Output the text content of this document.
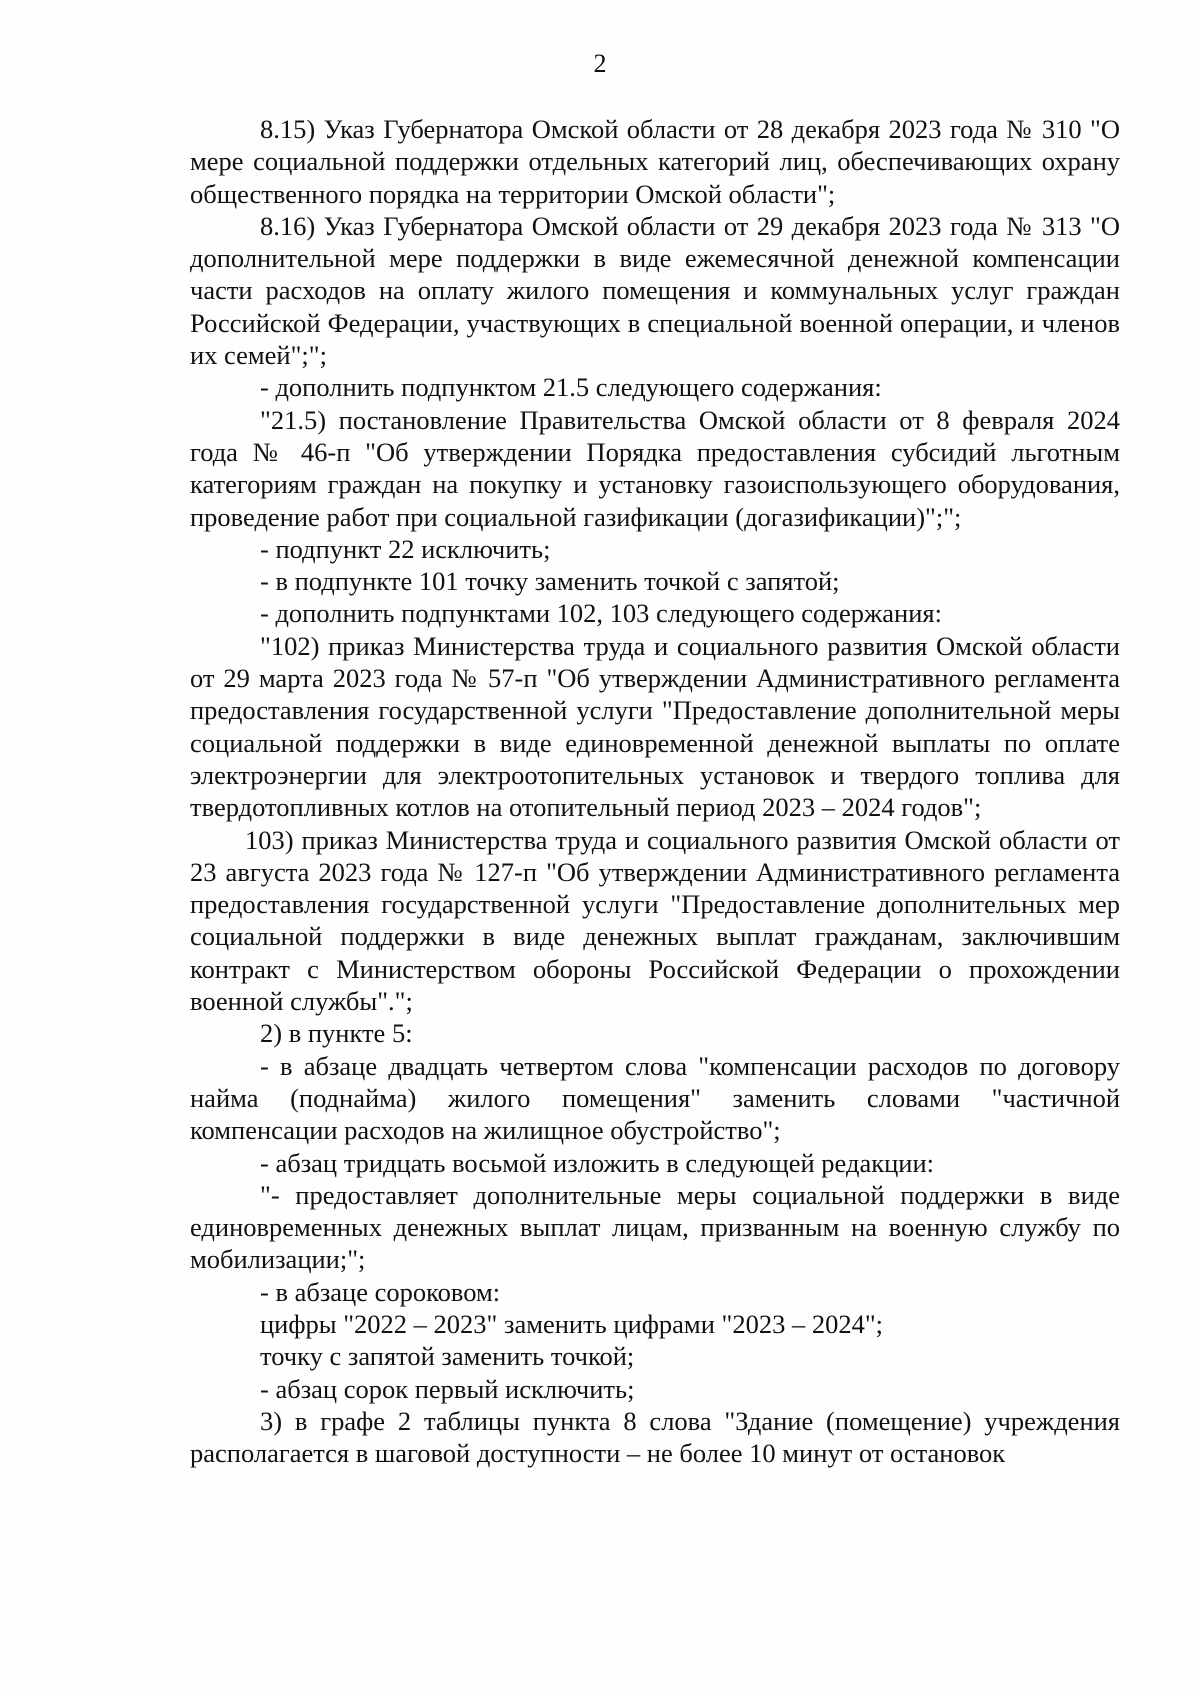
2

8.15) Указ Губернатора Омской области от 28 декабря 2023 года № 310 "О мере социальной поддержки отдельных категорий лиц, обеспечивающих охрану общественного порядка на территории Омской области";

8.16) Указ Губернатора Омской области от 29 декабря 2023 года № 313 "О дополнительной мере поддержки в виде ежемесячной денежной компенсации части расходов на оплату жилого помещения и коммунальных услуг граждан Российской Федерации, участвующих в специальной военной операции, и членов их семей";";

- дополнить подпунктом 21.5 следующего содержания:

"21.5) постановление Правительства Омской области от 8 февраля 2024 года № 46-п "Об утверждении Порядка предоставления субсидий льготным категориям граждан на покупку и установку газоиспользующего оборудования, проведение работ при социальной газификации (догазификации)";";

- подпункт 22 исключить;

- в подпункте 101 точку заменить точкой с запятой;

- дополнить подпунктами 102, 103 следующего содержания:

"102) приказ Министерства труда и социального развития Омской области от 29 марта 2023 года № 57-п "Об утверждении Административного регламента предоставления государственной услуги "Предоставление дополнительной меры социальной поддержки в виде единовременной денежной выплаты по оплате электроэнергии для электроотопительных установок и твердого топлива для твердотопливных котлов на отопительный период 2023 – 2024 годов";

103) приказ Министерства труда и социального развития Омской области от 23 августа 2023 года № 127-п "Об утверждении Административного регламента предоставления государственной услуги "Предоставление дополнительных мер социальной поддержки в виде денежных выплат гражданам, заключившим контракт с Министерством обороны Российской Федерации о прохождении военной службы".";

2) в пункте 5:

- в абзаце двадцать четвертом слова "компенсации расходов по договору найма (поднайма) жилого помещения" заменить словами "частичной компенсации расходов на жилищное обустройство";

- абзац тридцать восьмой изложить в следующей редакции:

"- предоставляет дополнительные меры социальной поддержки в виде единовременных денежных выплат лицам, призванным на военную службу по мобилизации;";

- в абзаце сороковом:

цифры "2022 – 2023" заменить цифрами "2023 – 2024";

точку с запятой заменить точкой;

- абзац сорок первый исключить;

3) в графе 2 таблицы пункта 8 слова "Здание (помещение) учреждения располагается в шаговой доступности – не более 10 минут от остановок
